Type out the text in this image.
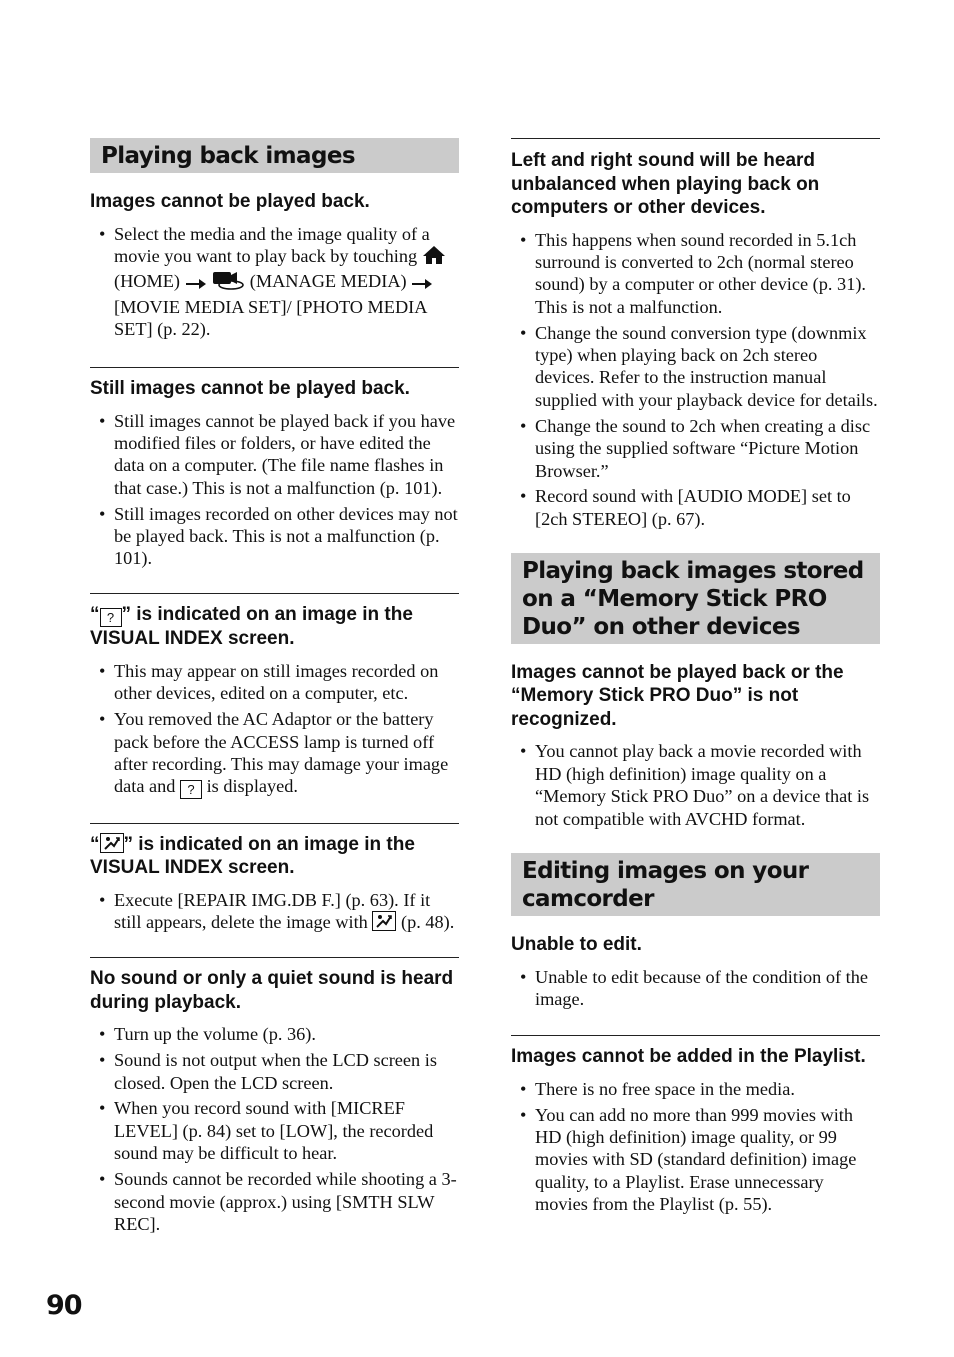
Playing back images
Images cannot be played back.
• Select the media and the image quality of a movie you want to play back by touching  (HOME)	(MANAGE MEDIA)  [MOVIE MEDIA SET]/ [PHOTO MEDIA SET] (p. 22).
Still images cannot be played back.
• Still images cannot be played back if you have modified files or folders, or have edited the data on a computer. (The file name flashes in that case.) This is not a malfunction (p. 101).
• Still images recorded on other devices may not be played back. This is not a malfunction (p. 101).
“ ? ” is indicated on an image in the VISUAL INDEX screen.
• This may appear on still images recorded on other devices, edited on a computer, etc.
• You removed the AC Adaptor or the battery pack before the ACCESS lamp is turned off after recording. This may damage your image data and ? is displayed.
“ ” is indicated on an image in the VISUAL INDEX screen.
• Execute [REPAIR IMG.DB F.] (p. 63). If it still appears, delete the image with (p. 48).
No sound or only a quiet sound is heard during playback.
• Turn up the volume (p. 36).
• Sound is not output when the LCD screen is closed. Open the LCD screen.
• When you record sound with [MICREF LEVEL] (p. 84) set to [LOW], the recorded sound may be difficult to hear.
• Sounds cannot be recorded while shooting a 3-second movie (approx.) using [SMTH SLW REC].
Left and right sound will be heard unbalanced when playing back on computers or other devices.
• This happens when sound recorded in 5.1ch surround is converted to 2ch (normal stereo sound) by a computer or other device (p. 31). This is not a malfunction.
• Change the sound conversion type (downmix type) when playing back on 2ch stereo devices. Refer to the instruction manual supplied with your playback device for details.
• Change the sound to 2ch when creating a disc using the supplied software “Picture Motion Browser.”
• Record sound with [AUDIO MODE] set to [2ch STEREO] (p. 67).
Playing back images stored on a “Memory Stick PRO Duo” on other devices
Images cannot be played back or the “Memory Stick PRO Duo” is not recognized.
• You cannot play back a movie recorded with HD (high definition) image quality on a “Memory Stick PRO Duo” on a device that is not compatible with AVCHD format.
Editing images on your camcorder
Unable to edit.
• Unable to edit because of the condition of the image.
Images cannot be added in the Playlist.
• There is no free space in the media.
• You can add no more than 999 movies with HD (high definition) image quality, or 99 movies with SD (standard definition) image quality, to a Playlist. Erase unnecessary movies from the Playlist (p. 55).
90
